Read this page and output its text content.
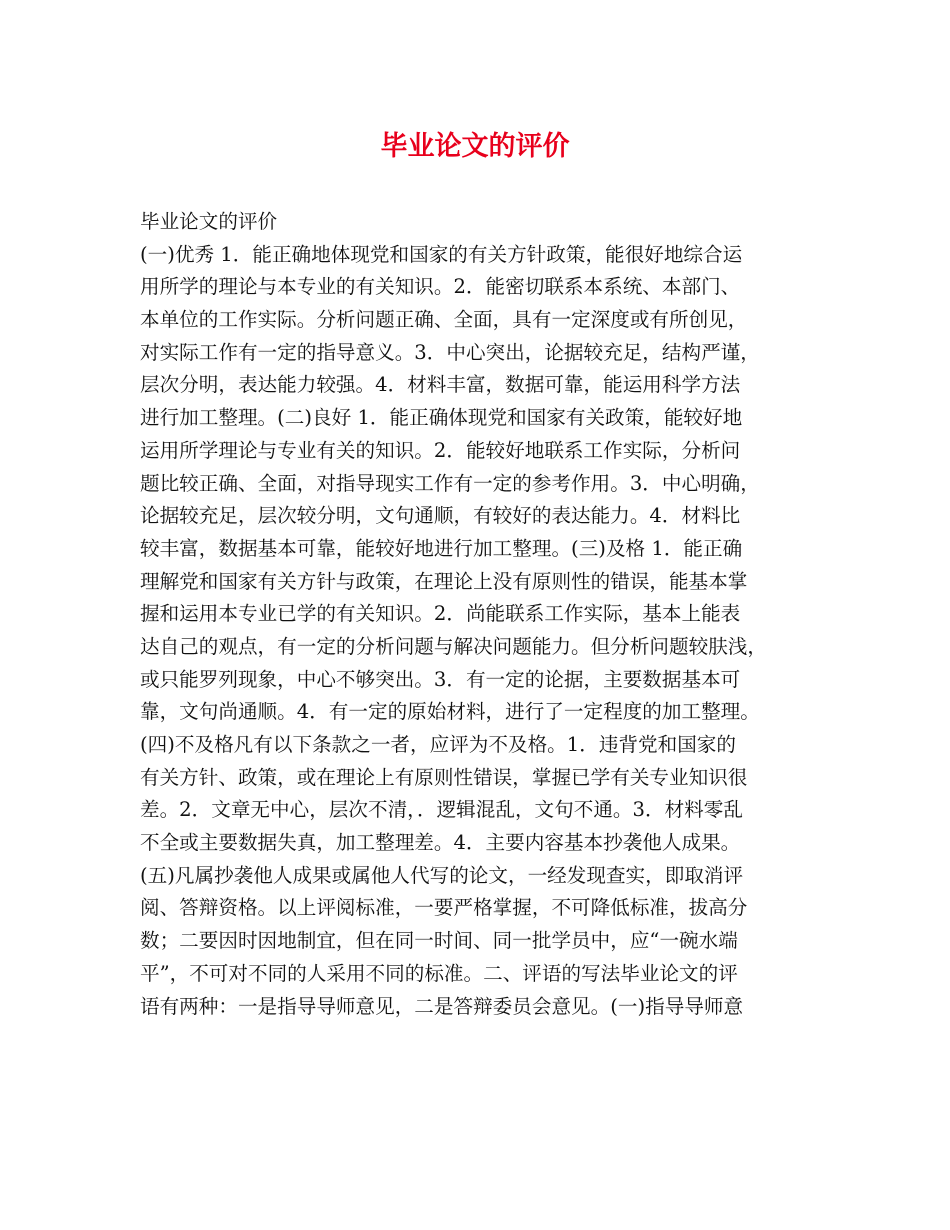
毕业论文的评价
毕业论文的评价
(一)优秀 1．能正确地体现党和国家的有关方针政策，能很好地综合运
用所学的理论与本专业的有关知识。2．能密切联系本系统、本部门、
本单位的工作实际。分析问题正确、全面，具有一定深度或有所创见，
对实际工作有一定的指导意义。3．中心突出，论据较充足，结构严谨，
层次分明，表达能力较强。4．材料丰富，数据可靠，能运用科学方法
进行加工整理。(二)良好 1．能正确体现党和国家有关政策，能较好地
运用所学理论与专业有关的知识。2．能较好地联系工作实际，分析问
题比较正确、全面，对指导现实工作有一定的参考作用。3．中心明确，
论据较充足，层次较分明，文句通顺，有较好的表达能力。4．材料比
较丰富，数据基本可靠，能较好地进行加工整理。(三)及格 1．能正确
理解党和国家有关方针与政策，在理论上没有原则性的错误，能基本掌
握和运用本专业已学的有关知识。2．尚能联系工作实际，基本上能表
达自己的观点，有一定的分析问题与解决问题能力。但分析问题较肤浅，
或只能罗列现象，中心不够突出。3．有一定的论据，主要数据基本可
靠，文句尚通顺。4．有一定的原始材料，进行了一定程度的加工整理。
(四)不及格凡有以下条款之一者，应评为不及格。1．违背党和国家的
有关方针、政策，或在理论上有原则性错误，掌握已学有关专业知识很
差。2．文章无中心，层次不清，．逻辑混乱，文句不通。3．材料零乱
不全或主要数据失真，加工整理差。4．主要内容基本抄袭他人成果。
(五)凡属抄袭他人成果或属他人代写的论文，一经发现查实，即取消评
阅、答辩资格。以上评阅标准，一要严格掌握，不可降低标准，拔高分
数；二要因时因地制宜，但在同一时间、同一批学员中，应“一碗水端
平”，不可对不同的人采用不同的标准。二、评语的写法毕业论文的评
语有两种：一是指导导师意见，二是答辩委员会意见。(一)指导导师意
